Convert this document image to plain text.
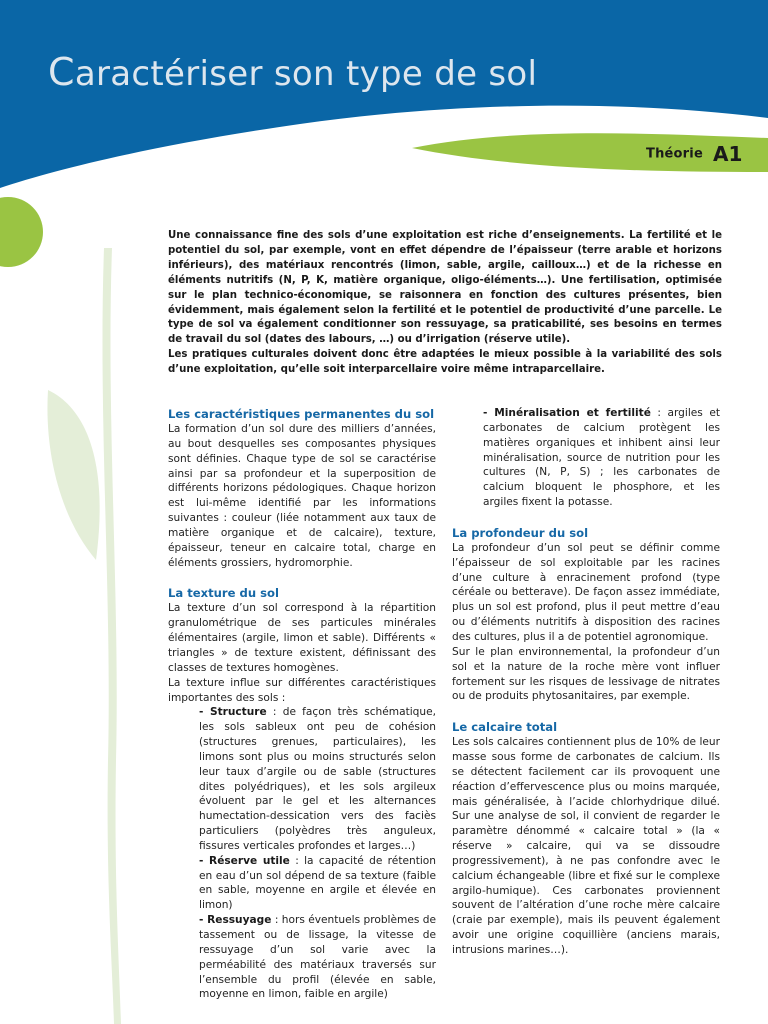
Caractériser son type de sol
Théorie A1

Une connaissance fine des sols d’une exploitation est riche d’enseignements. La fertilité et le potentiel du sol, par exemple, vont en effet dépendre de l’épaisseur (terre arable et horizons inférieurs), des matériaux rencontrés (limon, sable, argile, cailloux…) et de la richesse en éléments nutritifs (N, P, K, matière organique, oligo-éléments…). Une fertilisation, optimisée sur le plan technico-économique, se raisonnera en fonction des cultures présentes, bien évidemment, mais également selon la fertilité et le potentiel de productivité d’une parcelle. Le type de sol va également conditionner son ressuyage, sa praticabilité, ses besoins en termes de travail du sol (dates des labours, …) ou d’irrigation (réserve utile).

Les pratiques culturales doivent donc être adaptées le mieux possible à la variabilité des sols d’une exploitation, qu’elle soit interparcellaire voire même intraparcellaire.

Les caractéristiques permanentes du sol

La formation d’un sol dure des milliers d’années, au bout desquelles ses composantes physiques sont définies. Chaque type de sol se caractérise ainsi par sa profondeur et la superposition de différents horizons pédologiques. Chaque horizon est lui-même identifié par les informations suivantes : couleur (liée notamment aux taux de matière organique et de calcaire), texture, épaisseur, teneur en calcaire total, charge en éléments grossiers, hydromorphie.

La texture du sol

La texture d’un sol correspond à la répartition granulométrique de ses particules minérales élémentaires (argile, limon et sable). Différents « triangles » de texture existent, définissant des classes de textures homogènes.

La texture influe sur différentes caractéristiques importantes des sols :

- Structure : de façon très schématique, les sols sableux ont peu de cohésion (structures grenues, particulaires), les limons sont plus ou moins structurés selon leur taux d’argile ou de sable (structures dites polyédriques), et les sols argileux évoluent par le gel et les alternances humectation-dessication vers des faciès particuliers (polyèdres très anguleux, fissures verticales profondes et larges…)

- Réserve utile : la capacité de rétention en eau d’un sol dépend de sa texture (faible en sable, moyenne en argile et élevée en limon)

- Ressuyage : hors éventuels problèmes de tassement ou de lissage, la vitesse de ressuyage d’un sol varie avec la perméabilité des matériaux traversés sur l’ensemble du profil (élevée en sable, moyenne en limon, faible en argile)

- Minéralisation et fertilité : argiles et carbonates de calcium protègent les matières organiques et inhibent ainsi leur minéralisation, source de nutrition pour les cultures (N, P, S) ; les carbonates de calcium bloquent le phosphore, et les argiles fixent la potasse.

La profondeur du sol

La profondeur d’un sol peut se définir comme l’épaisseur de sol exploitable par les racines d’une culture à enracinement profond (type céréale ou betterave). De façon assez immédiate, plus un sol est profond, plus il peut mettre d’eau ou d’éléments nutritifs à disposition des racines des cultures, plus il a de potentiel agronomique.

Sur le plan environnemental, la profondeur d’un sol et la nature de la roche mère vont influer fortement sur les risques de lessivage de nitrates ou de produits phytosanitaires, par exemple.

Le calcaire total

Les sols calcaires contiennent plus de 10% de leur masse sous forme de carbonates de calcium. Ils se détectent facilement car ils provoquent une réaction d’effervescence plus ou moins marquée, mais généralisée, à l’acide chlorhydrique dilué. Sur une analyse de sol, il convient de regarder le paramètre dénommé « calcaire total » (la « réserve » calcaire, qui va se dissoudre progressivement), à ne pas confondre avec le calcium échangeable (libre et fixé sur le complexe argilo-humique). Ces carbonates proviennent souvent de l’altération d’une roche mère calcaire (craie par exemple), mais ils peuvent également avoir une origine coquillière (anciens marais, intrusions marines…).
